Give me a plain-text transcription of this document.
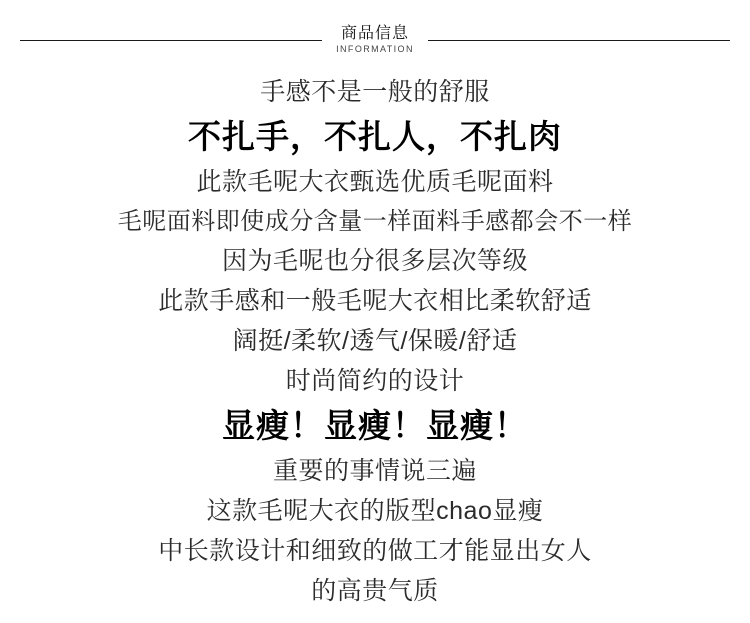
商品信息
INFORMATION
手感不是一般的舒服
不扎手，不扎人，不扎肉
此款毛呢大衣甄选优质毛呢面料
毛呢面料即使成分含量一样面料手感都会不一样
因为毛呢也分很多层次等级
此款手感和一般毛呢大衣相比柔软舒适
阔挺/柔软/透气/保暖/舒适
时尚简约的设计
显瘦！显瘦！显瘦！
重要的事情说三遍
这款毛呢大衣的版型chao显瘦
中长款设计和细致的做工才能显出女人
的高贵气质
